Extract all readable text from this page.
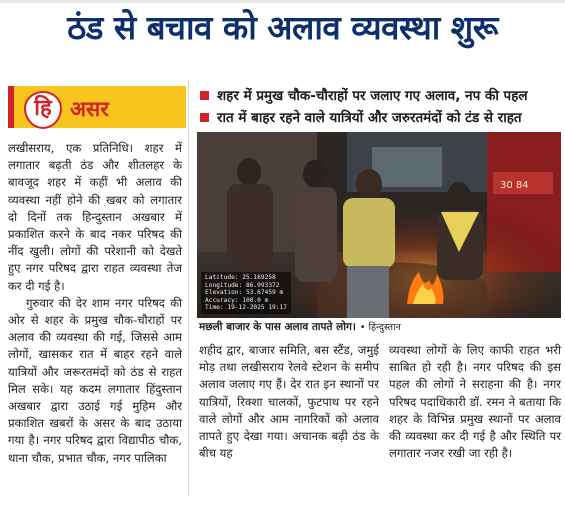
ठंड से बचाव को अलाव व्यवस्था शुरू
हि असर
शहर में प्रमुख चौक-चौराहों पर जलाए गए अलाव, नप की पहल
रात में बाहर रहने वाले यात्रियों और जरुरतमंदों को टंड से राहत

लखीसराय, एक प्रतिनिधि। शहर में लगातार बढ़ती ठंड और शीतलहर के बावजूद शहर में कहीं भी अलाव की व्यवस्था नहीं होने की खबर को लगातार दो दिनों तक हिन्दुस्तान अखबार में प्रकाशित करने के बाद नकर परिषद की नींद खुली। लोगों की परेशानी को देखते हुए नगर परिषद द्वारा राहत व्यवस्था तेज कर दी गई है।

गुरुवार की देर शाम नगर परिषद की ओर से शहर के प्रमुख चौक-चौराहों पर अलाव की व्यवस्था की गई, जिससे आम लोगों, खासकर रात में बाहर रहने वाले यात्रियों और जरूरतमंदों को ठंड से राहत मिल सके। यह कदम लगातार हिंदुस्तान अखबार द्वारा उठाई गई मुहिम और प्रकाशित खबरों के असर के बाद उठाया गया है। नगर परिषद द्वारा विद्यापीठ चौक, थाना चौक, प्रभात चौक, नगर पालिका

Latitude: 25.169258
Longitude: 86.093372
Elevation: 53.67459 m
Accuracy: 100.0 m
Time: 19-12-2025 19:17
मछली बाजार के पास अलाव तापते लोग। • हिन्दुस्तान

शहीद द्वार, बाजार समिति, बस स्टैंड, जमुई मोड़ तथा लखीसराय रेलवे स्टेशन के समीप अलाव जलाए गए हैं। देर रात इन स्थानों पर यात्रियों, रिक्शा चालकों, फुटपाथ पर रहने वाले लोगों और आम नागरिकों को अलाव तापते हुए देखा गया। अचानक बढ़ी ठंड के बीच यह

व्यवस्था लोगों के लिए काफी राहत भरी साबित हो रही है। नगर परिषद की इस पहल की लोगों ने सराहना की है। नगर परिषद पदाधिकारी डॉ. रमन ने बताया कि शहर के विभिन्न प्रमुख स्थानों पर अलाव की व्यवस्था कर दी गई है और स्थिति पर लगातार नजर रखी जा रही है।
